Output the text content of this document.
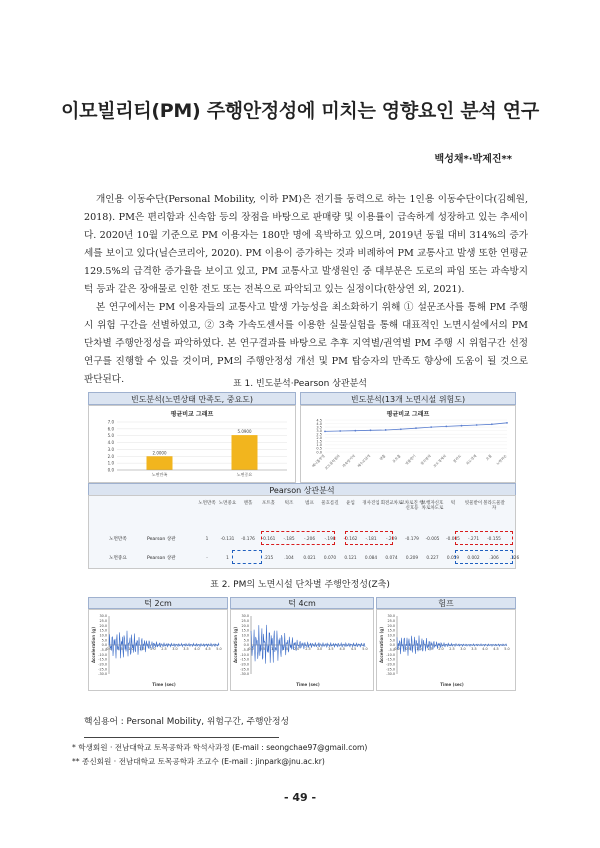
이모빌리티(PM) 주행안정성에 미치는 영향요인 분석 연구
백성채*·박제진**

개인용 이동수단(Personal Mobility, 이하 PM)은 전기를 동력으로 하는 1인용 이동수단이다(김혜원, 2018). PM은 편리함과 신속함 등의 장점을 바탕으로 판매량 및 이용률이 급속하게 성장하고 있는 추세이다. 2020년 10월 기준으로 PM 이용자는 180만 명에 육박하고 있으며, 2019년 동월 대비 314%의 증가세를 보이고 있다(닐슨코리아, 2020). PM 이용이 증가하는 것과 비례하여 PM 교통사고 발생 또한 연평균 129.5%의 급격한 증가율을 보이고 있고, PM 교통사고 발생원인 중 대부분은 도로의 파임 또는 과속방지턱 등과 같은 장애물로 인한 전도 또는 전복으로 파악되고 있는 실정이다(한상연 외, 2021).

본 연구에서는 PM 이용자들의 교통사고 발생 가능성을 최소화하기 위해 ① 설문조사를 통해 PM 주행 시 위험 구간을 선별하였고, ② 3축 가속도센서를 이용한 실물실험을 통해 대표적인 노면시설에서의 PM 단차별 주행안정성을 파악하였다. 본 연구결과를 바탕으로 추후 지역별/권역별 PM 주행 시 위험구간 선정 연구를 진행할 수 있을 것이며, PM의 주행안정성 개선 및 PM 탑승자의 만족도 향상에 도움이 될 것으로 판단된다.	표 1. 빈도분석·Pearson 상관분석
빈도분석(노면상태 만족도, 중요도)	빈도분석(13개 노면시설 위험도)
평균비교 그래프
7.0
6.0
5.0
4.0
3.0
2.0
1.0
0.0
2.0000
노면만족
5.0900
노면중요
평균비교 그래프
4.5
4.0
3.5
3.0
2.5
2.0
1.5
1.0
0.5
0.0
매니홀뚜껑
보도블럭침하 과속방지턱 배수로덮개 맨홀 포트홀 빗물받이 점자블럭 보도경계석 볼라드 차도경계 요철 노면파손
Pearson 상관분석
노면만족 노면중요	맨홀	포트홀	턱조	범프	물흐름길	윤입	경사진입 회전교차로
교차로진 행신호등
보행자신호 차로차도로
턱	빗물받이 볼라드물잘자
노면만족	Pearson 상관	1	-0.131	-0.176	-0.161	-.185	-.206	-.198	-0.162	-.181	-.209	-0.179	-0.005	-0.005	-.271	-0.155
노면중요	Pearson 상관	-	1	.215	.104	0.021	0.070	0.121	0.084	0.074	0.209	0.227	0.059	0.002	.306	.326
표 2. PM의 노면시설 단차별 주행안정성(Z축)
턱 2cm	턱 4cm	험프
30.0
25.0
20.0
15.0
10.0
5.0
0.0
-5.0
-10.0
-15.0
-20.0
-25.0
-30.0
0.0 0.5 1.0 1.5 2.0 2.5 3.0 3.5 4.0 4.5 5.0
Acceleration (g)
Time (sec)
30.0
25.0
20.0
15.0
10.0
5.0
0.0
-5.0
-10.0
-15.0
-20.0
-25.0
-30.0
0.0 0.5 1.0 1.5 2.0 2.5 3.0 3.5 4.0 4.5 5.0
Acceleration (g)
Time (sec)
30.0
25.0
20.0
15.0
10.0
5.0
0.0
-5.0
-10.0
-15.0
-20.0
-25.0
-30.0
0.0 0.5 1.0 1.5 2.0 2.5 3.0 3.5 4.0 4.5 5.0
Acceleration (g)
Time (sec)
핵심용어 : Personal Mobility, 위험구간, 주행안정성
* 학생회원 · 전남대학교 토목공학과 학석사과정 (E-mail : seongchae97@gmail.com)
** 종신회원 · 전남대학교 토목공학과 조교수 (E-mail : jinpark@jnu.ac.kr)
- 49 -
